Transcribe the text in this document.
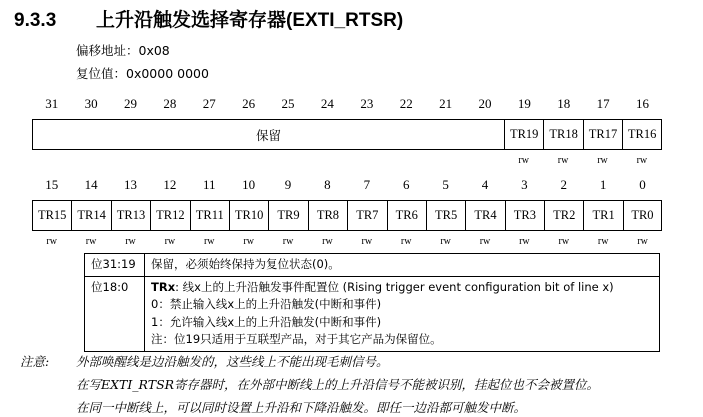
9.3.3 上升沿触发选择寄存器(EXTI_RTSR)
偏移地址：0x08
复位值：0x0000 0000
31	30	29	28	27	26	25	24	23	22	21	20	19	18	17	16
保留	TR19 TR18 TR17 TR16
rw	rw	rw	rw
15	14	13	12	11	10	9	8	7	6	5	4	3	2	1	0
TR15 TR14 TR13 TR12 TR11 TR10	TR9	TR8	TR7	TR6	TR5	TR4	TR3	TR2	TR1	TR0
rw	rw	rw	rw	rw	rw	rw	rw	rw	rw	rw	rw	rw	rw	rw	rw
位31:19	保留，必须始终保持为复位状态(0)。

位18:0	TRx: 线x上的上升沿触发事件配置位 (Rising trigger event configuration bit of line x)

0：禁止输入线x上的上升沿触发(中断和事件)

1：允许输入线x上的上升沿触发(中断和事件)

注：位19只适用于互联型产品，对于其它产品为保留位。

注意: 外部唤醒线是边沿触发的，这些线上不能出现毛刺信号。
在写EXTI_RTSR寄存器时，在外部中断线上的上升沿信号不能被识别，挂起位也不会被置位。
在同一中断线上，可以同时设置上升沿和下降沿触发。即任一边沿都可触发中断。
